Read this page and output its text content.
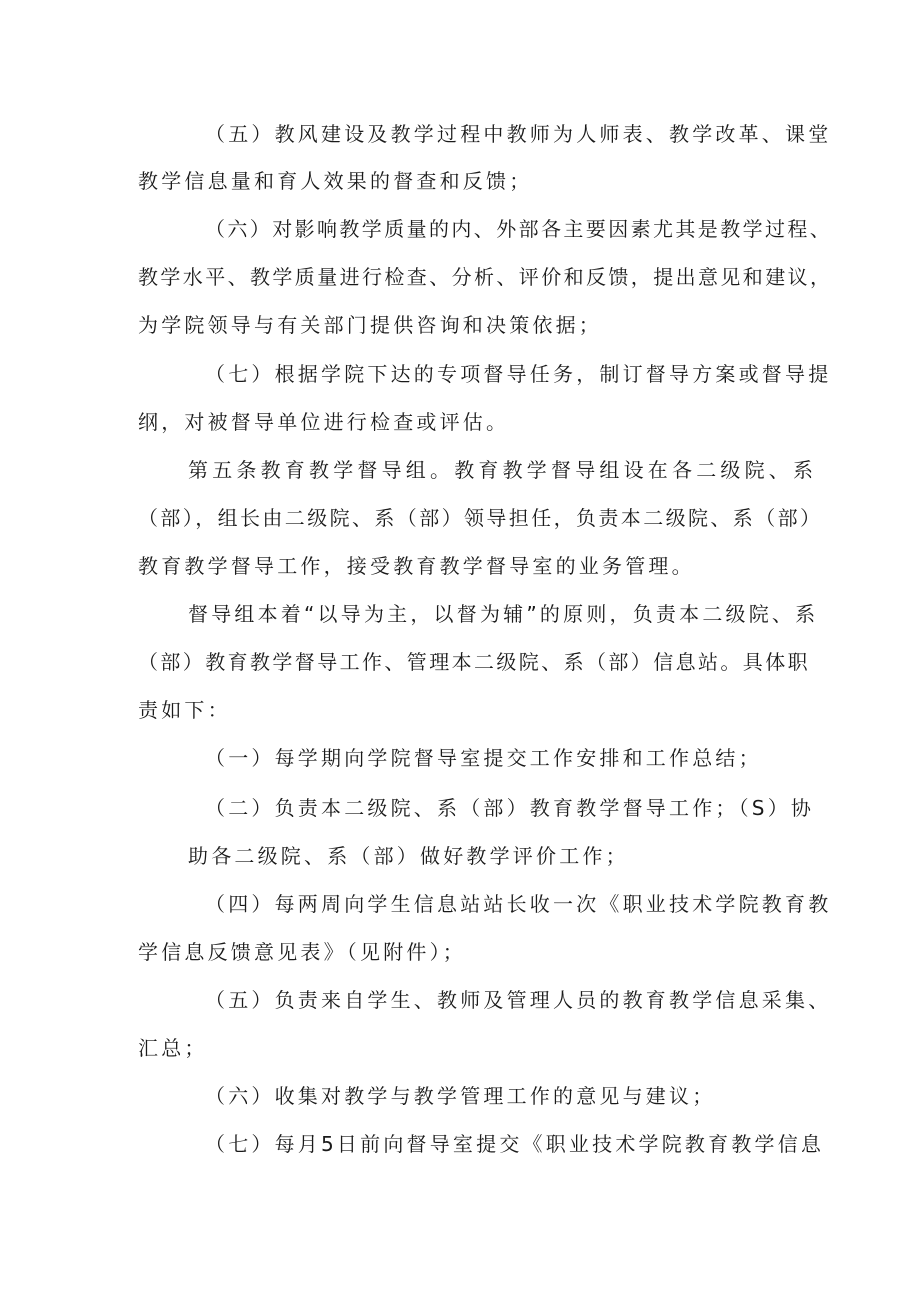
（五）教风建设及教学过程中教师为人师表、教学改革、课堂
教学信息量和育人效果的督查和反馈；
（六）对影响教学质量的内、外部各主要因素尤其是教学过程、
教学水平、教学质量进行检查、分析、评价和反馈，提出意见和建议，
为学院领导与有关部门提供咨询和决策依据；
（七）根据学院下达的专项督导任务，制订督导方案或督导提
纲，对被督导单位进行检查或评估。
第五条教育教学督导组。教育教学督导组设在各二级院、系
（部），组长由二级院、系（部）领导担任，负责本二级院、系（部）
教育教学督导工作，接受教育教学督导室的业务管理。
督导组本着“以导为主，以督为辅”的原则，负责本二级院、系
（部）教育教学督导工作、管理本二级院、系（部）信息站。具体职
责如下：
（一）每学期向学院督导室提交工作安排和工作总结；
（二）负责本二级院、系（部）教育教学督导工作；（S）协
助各二级院、系（部）做好教学评价工作；
（四）每两周向学生信息站站长收一次《职业技术学院教育教
学信息反馈意见表》（见附件）；
（五）负责来自学生、教师及管理人员的教育教学信息采集、
汇总；
（六）收集对教学与教学管理工作的意见与建议；
（七）每月5日前向督导室提交《职业技术学院教育教学信息
